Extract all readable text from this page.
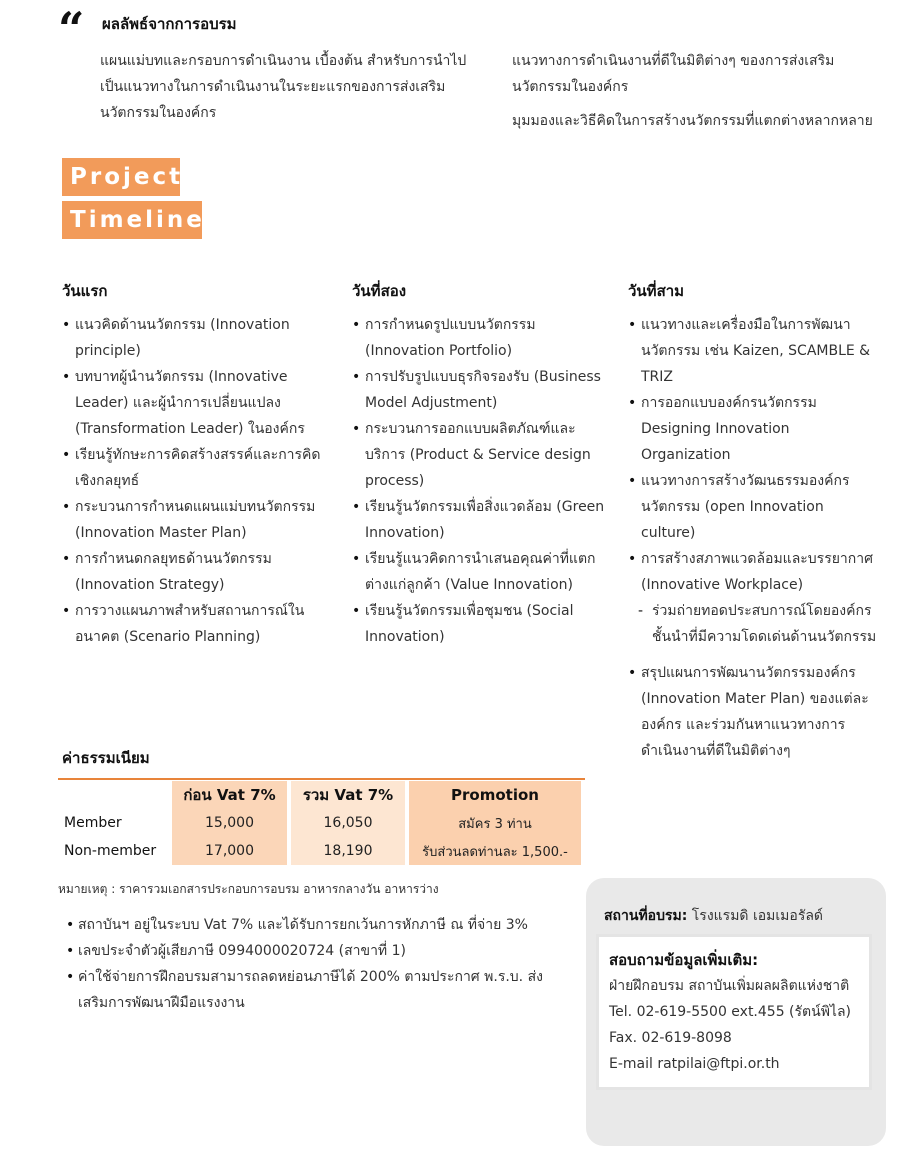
“ ผลลัพธ์จากการอบรม
แผนแม่บทและกรอบการดำเนินงาน เบื้องต้น สำหรับการนำไปเป็นแนวทางในการดำเนินงานในระยะแรกของการส่งเสริมนวัตกรรมในองค์กร

แนวทางการดำเนินงานที่ดีในมิติต่างๆ ของการส่งเสริมนวัตกรรมในองค์กร

มุมมองและวิธีคิดในการสร้างนวัตกรรมที่แตกต่างหลากหลาย

Project
Timeline
วันแรก
• แนวคิดด้านนวัตกรรม (Innovation principle)
• บทบาทผู้นำนวัตกรรม (Innovative Leader) และผู้นำการเปลี่ยนแปลง (Transformation Leader) ในองค์กร
• เรียนรู้ทักษะการคิดสร้างสรรค์และการคิดเชิงกลยุทธ์
• กระบวนการกำหนดแผนแม่บทนวัตกรรม (Innovation Master Plan)
• การกำหนดกลยุทธด้านนวัตกรรม (Innovation Strategy)
• การวางแผนภาพสำหรับสถานการณ์ในอนาคต (Scenario Planning)
วันที่สอง
• การกำหนดรูปแบบนวัตกรรม (Innovation Portfolio)
• การปรับรูปแบบธุรกิจรองรับ (Business Model Adjustment)
• กระบวนการออกแบบผลิตภัณฑ์และบริการ (Product & Service design process)
• เรียนรู้นวัตกรรมเพื่อสิ่งแวดล้อม (Green Innovation)
• เรียนรู้แนวคิดการนำเสนอคุณค่าที่แตกต่างแก่ลูกค้า (Value Innovation)
• เรียนรู้นวัตกรรมเพื่อชุมชน (Social Innovation)
วันที่สาม
• แนวทางและเครื่องมือในการพัฒนานวัตกรรม เช่น Kaizen, SCAMBLE & TRIZ
• การออกแบบองค์กรนวัตกรรม Designing Innovation Organization
• แนวทางการสร้างวัฒนธรรมองค์กรนวัตกรรม (open Innovation culture)
• การสร้างสภาพแวดล้อมและบรรยากาศ (Innovative Workplace)
- ร่วมถ่ายทอดประสบการณ์โดยองค์กรชั้นนำที่มีความโดดเด่นด้านนวัตกรรม
• สรุปแผนการพัฒนานวัตกรรมองค์กร (Innovation Mater Plan) ของแต่ละองค์กร และร่วมกันหาแนวทางการดำเนินงานที่ดีในมิติต่างๆ
ค่าธรรมเนียม
	ก่อน Vat 7%	รวม Vat 7%	Promotion
Member	15,000	16,050	สมัคร 3 ท่าน
Non-member	17,000	18,190	รับส่วนลดท่านละ 1,500.-
หมายเหตุ : ราคารวมเอกสารประกอบการอบรม อาหารกลางวัน อาหารว่าง
• สถาบันฯ อยู่ในระบบ Vat 7% และได้รับการยกเว้นการหักภาษี ณ ที่จ่าย 3%
• เลขประจำตัวผู้เสียภาษี 0994000020724 (สาขาที่ 1)
• ค่าใช้จ่ายการฝึกอบรมสามารถลดหย่อนภาษีได้ 200% ตามประกาศ พ.ร.บ. ส่งเสริมการพัฒนาฝีมือแรงงาน
สถานที่อบรม: โรงแรมดิ เอมเมอรัลด์
สอบถามข้อมูลเพิ่มเติม:
ฝ่ายฝึกอบรม สถาบันเพิ่มผลผลิตแห่งชาติ
Tel. 02-619-5500 ext.455 (รัตน์พิไล)
Fax. 02-619-8098
E-mail ratpilai@ftpi.or.th
